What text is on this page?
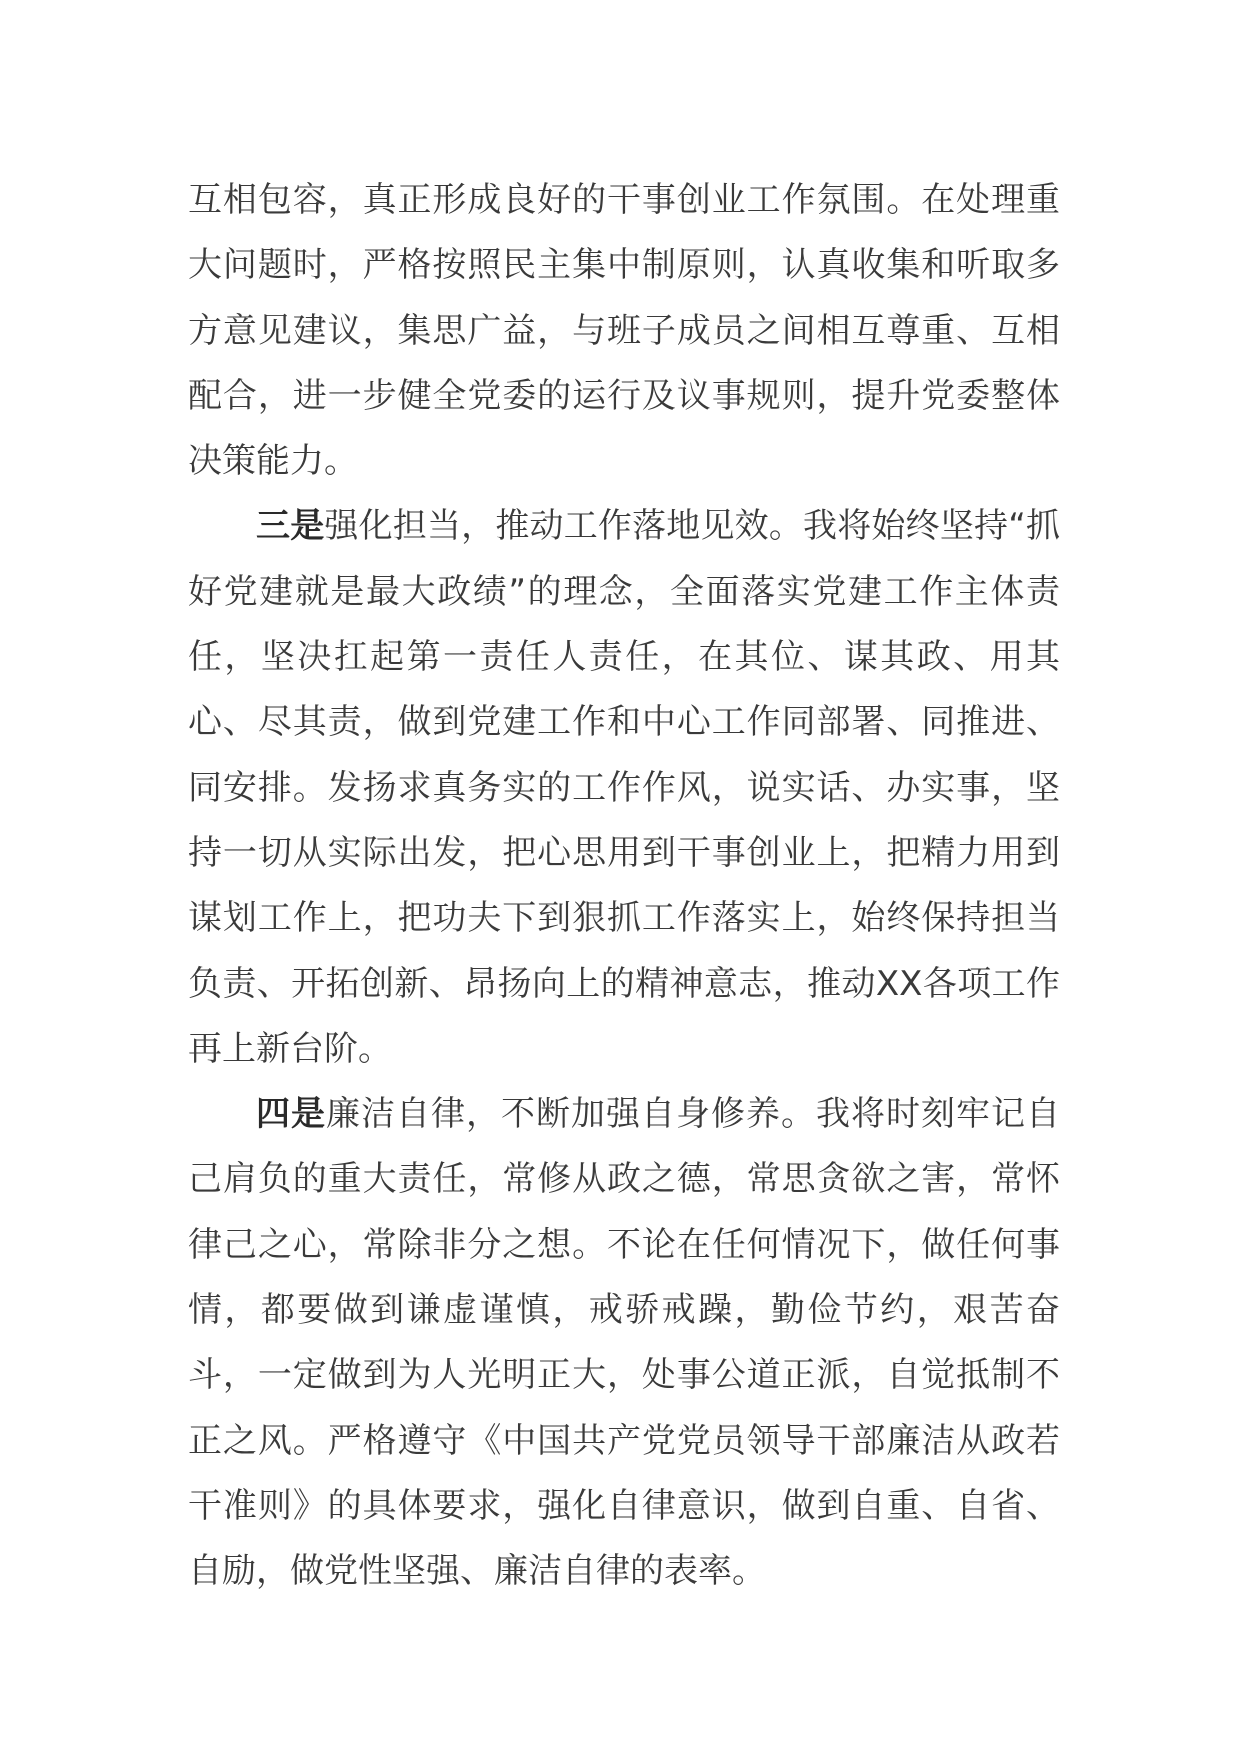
互相包容，真正形成良好的干事创业工作氛围。在处理重大问题时，严格按照民主集中制原则，认真收集和听取多方意见建议，集思广益，与班子成员之间相互尊重、互相配合，进一步健全党委的运行及议事规则，提升党委整体决策能力。

三是强化担当，推动工作落地见效。我将始终坚持“抓好党建就是最大政绩”的理念，全面落实党建工作主体责任，坚决扛起第一责任人责任，在其位、谋其政、用其心、尽其责，做到党建工作和中心工作同部署、同推进、同安排。发扬求真务实的工作作风，说实话、办实事，坚持一切从实际出发，把心思用到干事创业上，把精力用到谋划工作上，把功夫下到狠抓工作落实上，始终保持担当负责、开拓创新、昂扬向上的精神意志，推动XX各项工作再上新台阶。

四是廉洁自律，不断加强自身修养。我将时刻牢记自己肩负的重大责任，常修从政之德，常思贪欲之害，常怀律己之心，常除非分之想。不论在任何情况下，做任何事情，都要做到谦虚谨慎，戒骄戒躁，勤俭节约，艰苦奋斗，一定做到为人光明正大，处事公道正派，自觉抵制不正之风。严格遵守《中国共产党党员领导干部廉洁从政若干准则》的具体要求，强化自律意识，做到自重、自省、自励，做党性坚强、廉洁自律的表率。
